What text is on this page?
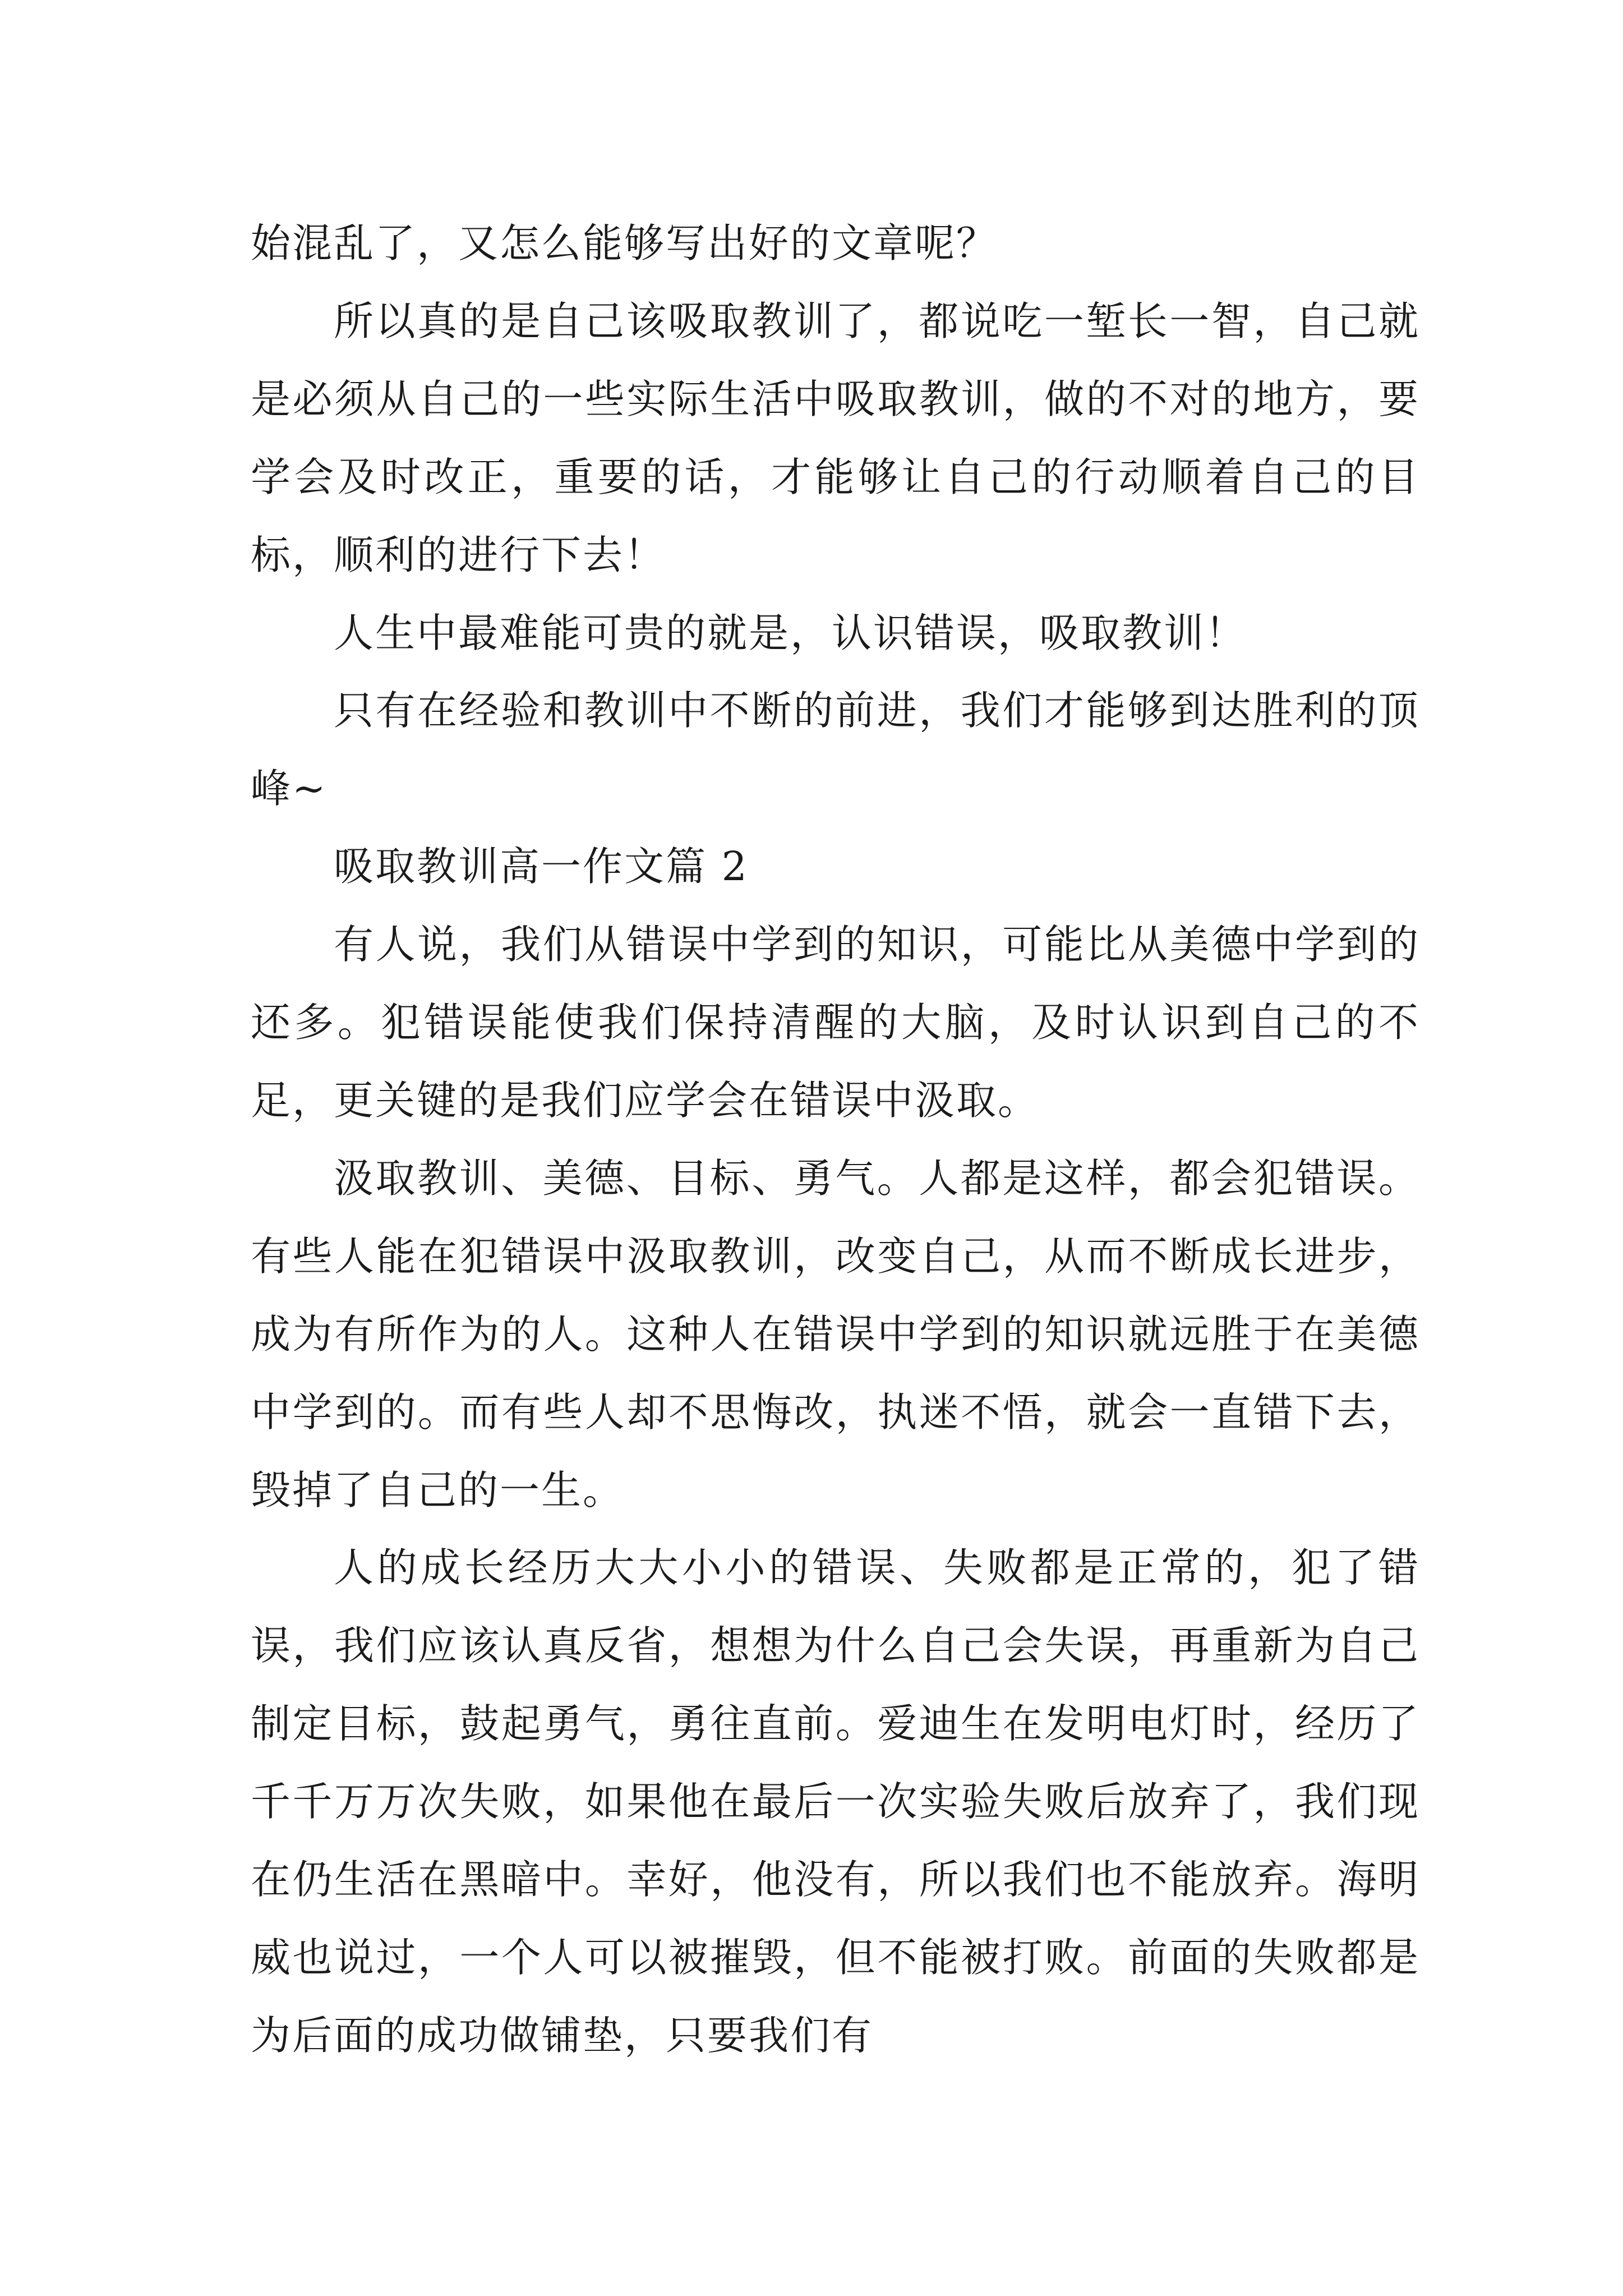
始混乱了，又怎么能够写出好的文章呢？

所以真的是自己该吸取教训了，都说吃一堑长一智，自己就是必须从自己的一些实际生活中吸取教训，做的不对的地方，要学会及时改正，重要的话，才能够让自己的行动顺着自己的目标，顺利的进行下去！

人生中最难能可贵的就是，认识错误，吸取教训！

只有在经验和教训中不断的前进，我们才能够到达胜利的顶峰~

吸取教训高一作文篇 2

有人说，我们从错误中学到的知识，可能比从美德中学到的还多。犯错误能使我们保持清醒的大脑，及时认识到自己的不足，更关键的是我们应学会在错误中汲取。

汲取教训、美德、目标、勇气。人都是这样，都会犯错误。有些人能在犯错误中汲取教训，改变自己，从而不断成长进步，成为有所作为的人。这种人在错误中学到的知识就远胜于在美德中学到的。而有些人却不思悔改，执迷不悟，就会一直错下去，毁掉了自己的一生。

人的成长经历大大小小的错误、失败都是正常的，犯了错误，我们应该认真反省，想想为什么自己会失误，再重新为自己制定目标，鼓起勇气，勇往直前。爱迪生在发明电灯时，经历了千千万万次失败，如果他在最后一次实验失败后放弃了，我们现在仍生活在黑暗中。幸好，他没有，所以我们也不能放弃。海明威也说过，一个人可以被摧毁，但不能被打败。前面的失败都是为后面的成功做铺垫，只要我们有
